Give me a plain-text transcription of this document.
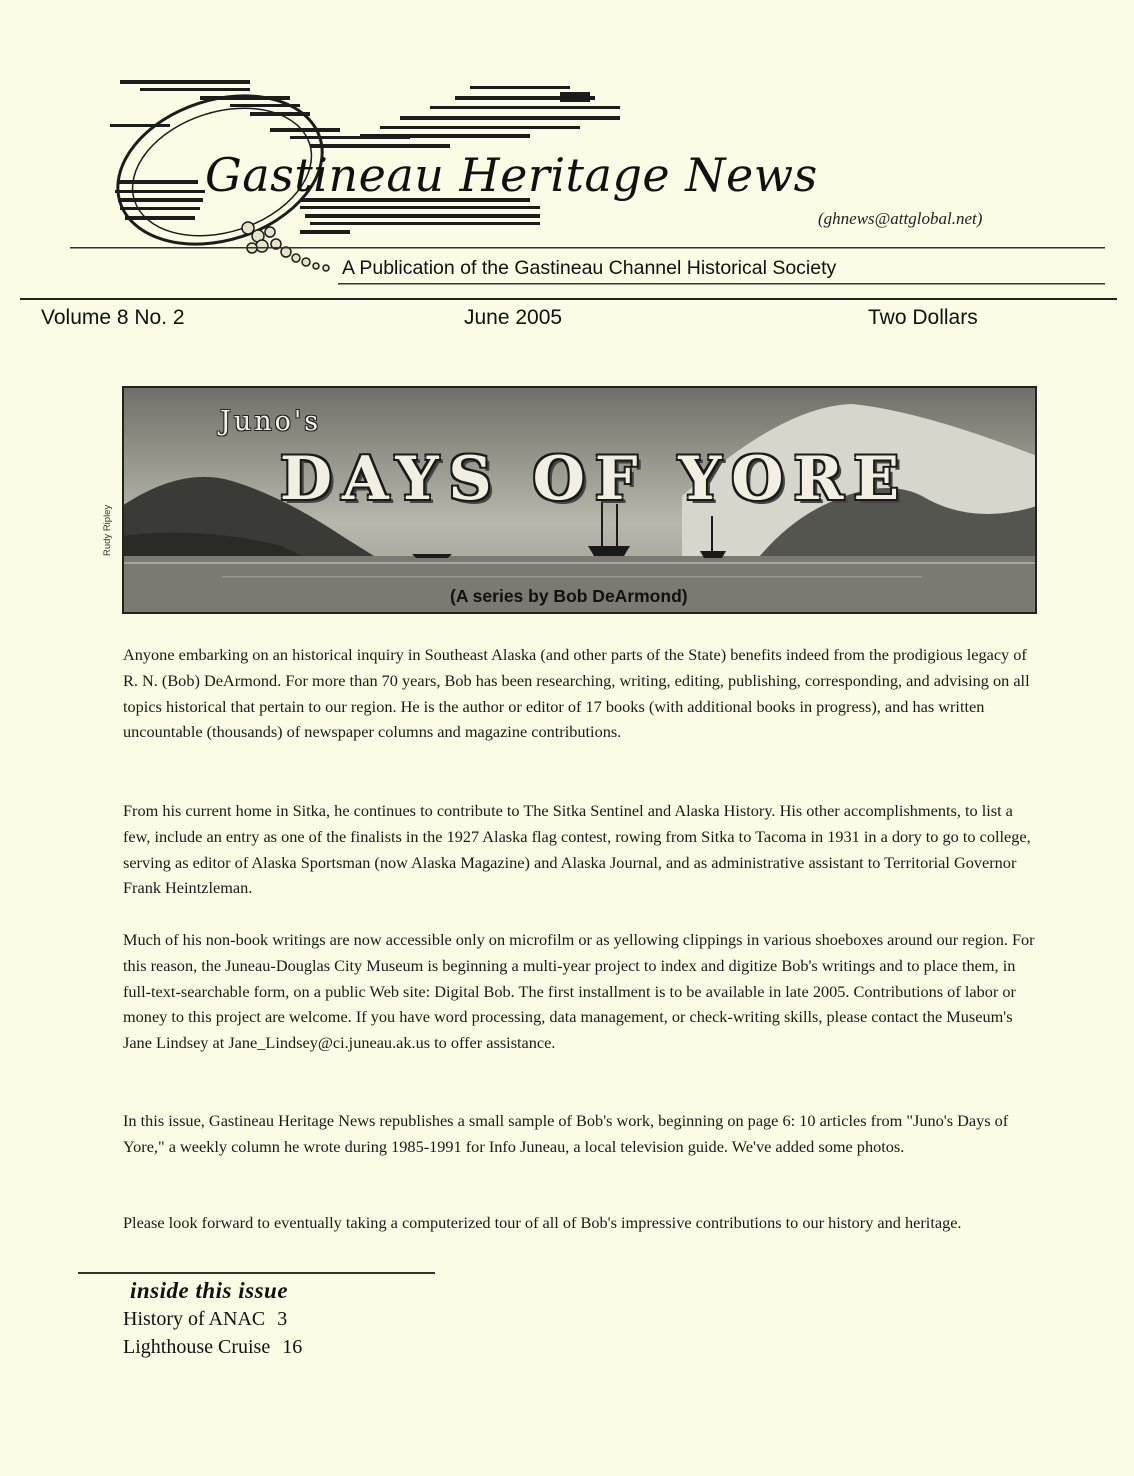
Gastineau Heritage News
(ghnews@attglobal.net)
A Publication of the Gastineau Channel Historical Society
Volume 8 No. 2	June 2005	Two Dollars
Rudy Ripley
Juno's
DAYS OF YORE
(A series by Bob DeArmond)

Anyone embarking on an historical inquiry in Southeast Alaska (and other parts of the State) benefits indeed from the prodigious legacy of R. N. (Bob) DeArmond. For more than 70 years, Bob has been researching, writing, editing, publishing, corresponding, and advising on all topics historical that pertain to our region. He is the author or editor of 17 books (with additional books in progress), and has written uncountable (thousands) of newspaper columns and magazine contributions.

From his current home in Sitka, he continues to contribute to The Sitka Sentinel and Alaska History. His other accomplishments, to list a few, include an entry as one of the finalists in the 1927 Alaska flag contest, rowing from Sitka to Tacoma in 1931 in a dory to go to college, serving as editor of Alaska Sportsman (now Alaska Magazine) and Alaska Journal, and as administrative assistant to Territorial Governor Frank Heintzleman.

Much of his non-book writings are now accessible only on microfilm or as yellowing clippings in various shoeboxes around our region. For this reason, the Juneau-Douglas City Museum is beginning a multi-year project to index and digitize Bob's writings and to place them, in full-text-searchable form, on a public Web site: Digital Bob. The first installment is to be available in late 2005. Contributions of labor or money to this project are welcome. If you have word processing, data management, or check-writing skills, please contact the Museum's Jane Lindsey at Jane_Lindsey@ci.juneau.ak.us to offer assistance.

In this issue, Gastineau Heritage News republishes a small sample of Bob's work, beginning on page 6: 10 articles from "Juno's Days of Yore," a weekly column he wrote during 1985-1991 for Info Juneau, a local television guide. We've added some photos.

Please look forward to eventually taking a computerized tour of all of Bob's impressive contributions to our history and heritage.

inside this issue
History of ANAC 3
Lighthouse Cruise 16
